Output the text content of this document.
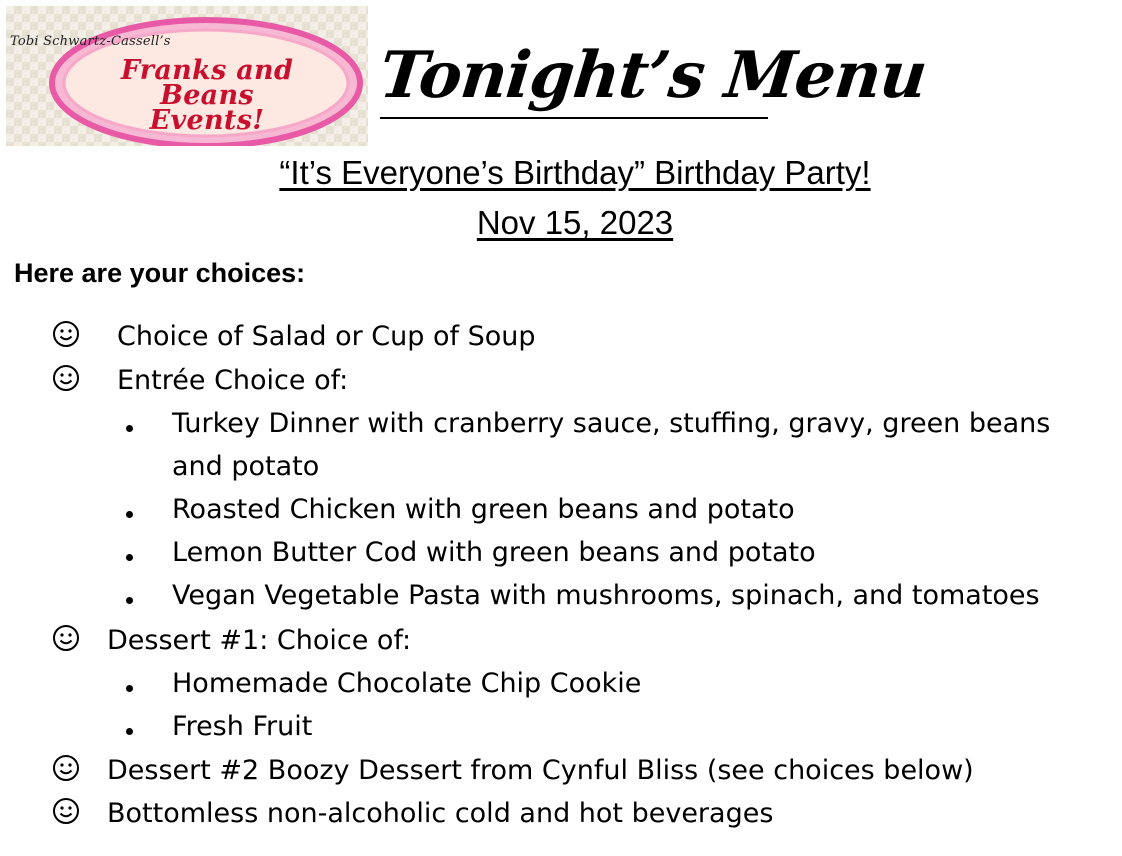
Tobi Schwartz-Cassell’s
Franks and Beans
Events!
Tonight’s Menu
“It’s Everyone’s Birthday” Birthday Party!
Nov 15, 2023
Here are your choices:
Choice of Salad or Cup of Soup
Entrée Choice of:
Turkey Dinner with cranberry sauce, stuffing, gravy, green beans and potato
Roasted Chicken with green beans and potato
Lemon Butter Cod with green beans and potato
Vegan Vegetable Pasta with mushrooms, spinach, and tomatoes
Dessert #1: Choice of:
Homemade Chocolate Chip Cookie
Fresh Fruit
Dessert #2 Boozy Dessert from Cynful Bliss (see choices below)
Bottomless non-alcoholic cold and hot beverages
